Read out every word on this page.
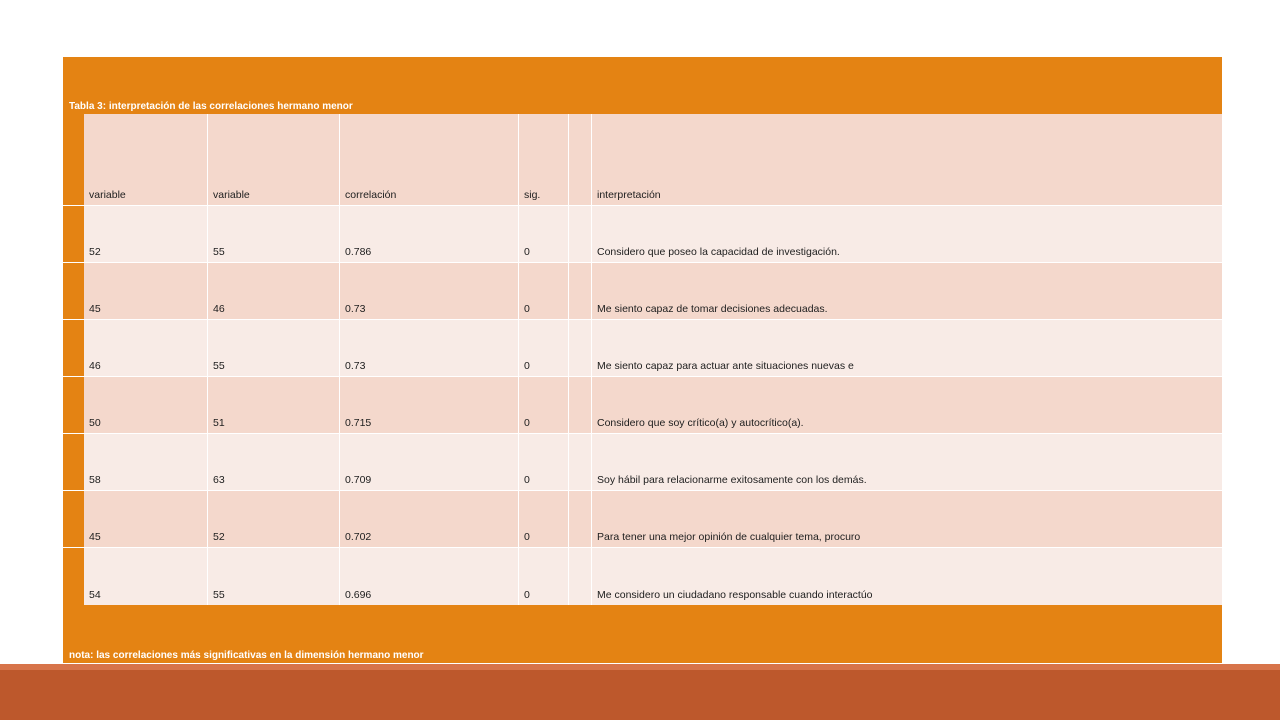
Tabla 3: interpretación de las correlaciones hermano menor
variable	variable	correlación	sig.	interpretación
52	55	0.786	0	Considero que poseo la capacidad de investigación.
45	46	0.73	0	Me siento capaz de tomar decisiones adecuadas.
46	55	0.73	0	Me siento capaz para actuar ante situaciones nuevas e
50	51	0.715	0	Considero que soy crítico(a) y autocrítico(a).
58	63	0.709	0	Soy hábil para relacionarme exitosamente con los demás.
45	52	0.702	0	Para tener una mejor opinión de cualquier tema, procuro
54	55	0.696	0	Me considero un ciudadano responsable cuando interactúo
nota: las correlaciones más significativas en la dimensión hermano menor
